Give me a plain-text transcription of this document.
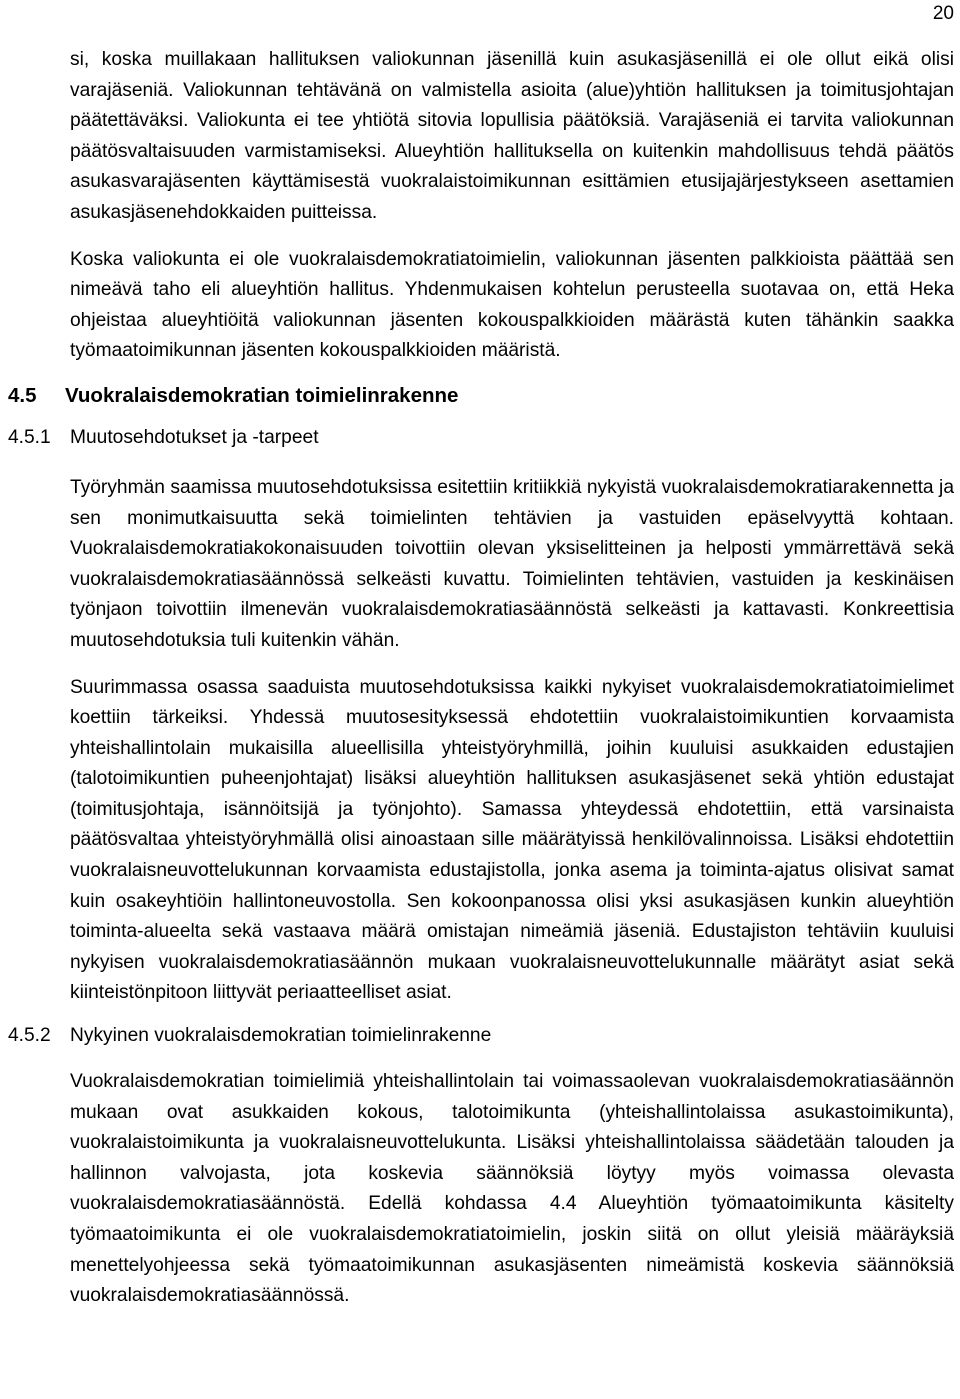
20

si, koska muillakaan hallituksen valiokunnan jäsenillä kuin asukasjäsenillä ei ole ollut eikä olisi varajäseniä. Valiokunnan tehtävänä on valmistella asioita (alue)yhtiön hallituksen ja toimitusjohtajan päätettäväksi. Valiokunta ei tee yhtiötä sitovia lopullisia päätöksiä. Varajäseniä ei tarvita valiokunnan päätösvaltaisuuden varmistamiseksi. Alueyhtiön hallituksella on kuitenkin mahdollisuus tehdä päätös asukasvarajäsenten käyttämisestä vuokralaistoimikunnan esittämien etusijajärjestykseen asettamien asukasjäsenehdokkaiden puitteissa.

Koska valiokunta ei ole vuokralaisdemokratiatoimielin, valiokunnan jäsenten palkkioista päättää sen nimeävä taho eli alueyhtiön hallitus. Yhdenmukaisen kohtelun perusteella suotavaa on, että Heka ohjeistaa alueyhtiöitä valiokunnan jäsenten kokouspalkkioiden määrästä kuten tähänkin saakka työmaatoimikunnan jäsenten kokouspalkkioiden määristä.

4.5 Vuokralaisdemokratian toimielinrakenne
4.5.1 Muutosehdotukset ja -tarpeet

Työryhmän saamissa muutosehdotuksissa esitettiin kritiikkiä nykyistä vuokralaisdemokratiarakennetta ja sen monimutkaisuutta sekä toimielinten tehtävien ja vastuiden epäselvyyttä kohtaan. Vuokralaisdemokratiakokonaisuuden toivottiin olevan yksiselitteinen ja helposti ymmärrettävä sekä vuokralaisdemokratiasäännössä selkeästi kuvattu. Toimielinten tehtävien, vastuiden ja keskinäisen työnjaon toivottiin ilmenevän vuokralaisdemokratiasäännöstä selkeästi ja kattavasti. Konkreettisia muutosehdotuksia tuli kuitenkin vähän.

Suurimmassa osassa saaduista muutosehdotuksissa kaikki nykyiset vuokralaisdemokratiatoimielimet koettiin tärkeiksi. Yhdessä muutosesityksessä ehdotettiin vuokralaistoimikuntien korvaamista yhteishallintolain mukaisilla alueellisilla yhteistyöryhmillä, joihin kuuluisi asukkaiden edustajien (talotoimikuntien puheenjohtajat) lisäksi alueyhtiön hallituksen asukasjäsenet sekä yhtiön edustajat (toimitusjohtaja, isännöitsijä ja työnjohto). Samassa yhteydessä ehdotettiin, että varsinaista päätösvaltaa yhteistyöryhmällä olisi ainoastaan sille määrätyissä henkilövalinnoissa. Lisäksi ehdotettiin vuokralaisneuvottelukunnan korvaamista edustajistolla, jonka asema ja toiminta-ajatus olisivat samat kuin osakeyhtiöin hallintoneuvostolla. Sen kokoonpanossa olisi yksi asukasjäsen kunkin alueyhtiön toiminta-alueelta sekä vastaava määrä omistajan nimeämiä jäseniä. Edustajiston tehtäviin kuuluisi nykyisen vuokralaisdemokratiasäännön mukaan vuokralaisneuvottelukunnalle määrätyt asiat sekä kiinteistönpitoon liittyvät periaatteelliset asiat.

4.5.2 Nykyinen vuokralaisdemokratian toimielinrakenne

Vuokralaisdemokratian toimielimiä yhteishallintolain tai voimassaolevan vuokralaisdemokratiasäännön mukaan ovat asukkaiden kokous, talotoimikunta (yhteishallintolaissa asukastoimikunta), vuokralaistoimikunta ja vuokralaisneuvottelukunta. Lisäksi yhteishallintolaissa säädetään talouden ja hallinnon valvojasta, jota koskevia säännöksiä löytyy myös voimassa olevasta vuokralaisdemokratiasäännöstä. Edellä kohdassa 4.4 Alueyhtiön työmaatoimikunta käsitelty työmaatoimikunta ei ole vuokralaisdemokratiatoimielin, joskin siitä on ollut yleisiä määräyksiä menettelyohjeessa sekä työmaatoimikunnan asukasjäsenten nimeämistä koskevia säännöksiä vuokralaisdemokratiasäännössä.
